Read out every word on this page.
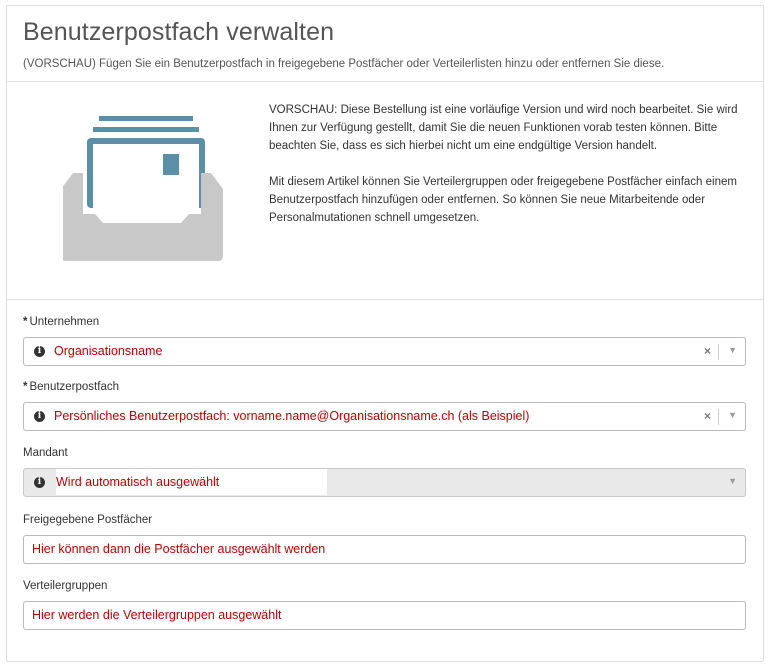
Benutzerpostfach verwalten
(VORSCHAU) Fügen Sie ein Benutzerpostfach in freigegebene Postfächer oder Verteilerlisten hinzu oder entfernen Sie diese.

VORSCHAU: Diese Bestellung ist eine vorläufige Version und wird noch bearbeitet. Sie wird Ihnen zur Verfügung gestellt, damit Sie die neuen Funktionen vorab testen können. Bitte beachten Sie, dass es sich hierbei nicht um eine endgültige Version handelt.

Mit diesem Artikel können Sie Verteilergruppen oder freigegebene Postfächer einfach einem Benutzerpostfach hinzufügen oder entfernen. So können Sie neue Mitarbeitende oder Personalmutationen schnell umgesetzen.

* Unternehmen
i	Organisationsname	× ▼
* Benutzerpostfach
i	Persönliches Benutzerpostfach: vorname.name@Organisationsname.ch (als Beispiel)	× ▼
Mandant
i	Wird automatisch ausgewählt	▼
Freigegebene Postfächer
Hier können dann die Postfächer ausgewählt werden
Verteilergruppen
Hier werden die Verteilergruppen ausgewählt
